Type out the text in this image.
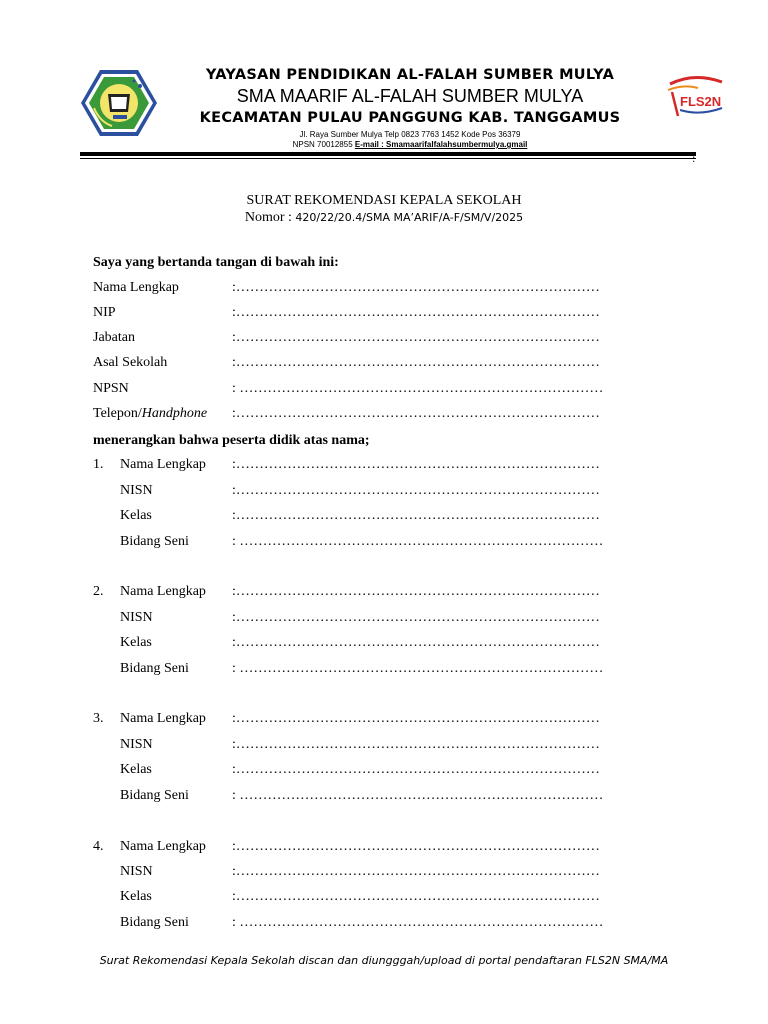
YAYASAN PENDIDIKAN AL-FALAH SUMBER MULYA
SMA MAARIF AL-FALAH SUMBER MULYA
KECAMATAN PULAU PANGGUNG KAB. TANGGAMUS
Jl. Raya Sumber Mulya Telp 0823 7763 1452 Kode Pos 36379
NPSN 70012855 E-mail : Smamaarifalfalahsumbermulya.gmail
FLS2N
:
SURAT REKOMENDASI KEPALA SEKOLAH
Nomor : 420/22/20.4/SMA MA’ARIF/A-F/SM/V/2025
Saya yang bertanda tangan di bawah ini:
Nama Lengkap	:……………………………………………………………………
NIP	:……………………………………………………………………
Jabatan	:……………………………………………………………………
Asal Sekolah	:……………………………………………………………………
NPSN	: ……………………………………………………………………
Telepon/Handphone :……………………………………………………………………
menerangkan bahwa peserta didik atas nama;
1. Nama Lengkap :……………………………………………………………………
NISN	:……………………………………………………………………
Kelas	:……………………………………………………………………
Bidang Seni	: ……………………………………………………………………
2. Nama Lengkap :……………………………………………………………………
NISN	:……………………………………………………………………
Kelas	:……………………………………………………………………
Bidang Seni	: ……………………………………………………………………
3. Nama Lengkap :……………………………………………………………………
NISN	:……………………………………………………………………
Kelas	:……………………………………………………………………
Bidang Seni	: ……………………………………………………………………
4. Nama Lengkap :……………………………………………………………………
NISN	:……………………………………………………………………
Kelas	:……………………………………………………………………
Bidang Seni	: ……………………………………………………………………
Surat Rekomendasi Kepala Sekolah discan dan diungggah/upload di portal pendaftaran FLS2N SMA/MA
